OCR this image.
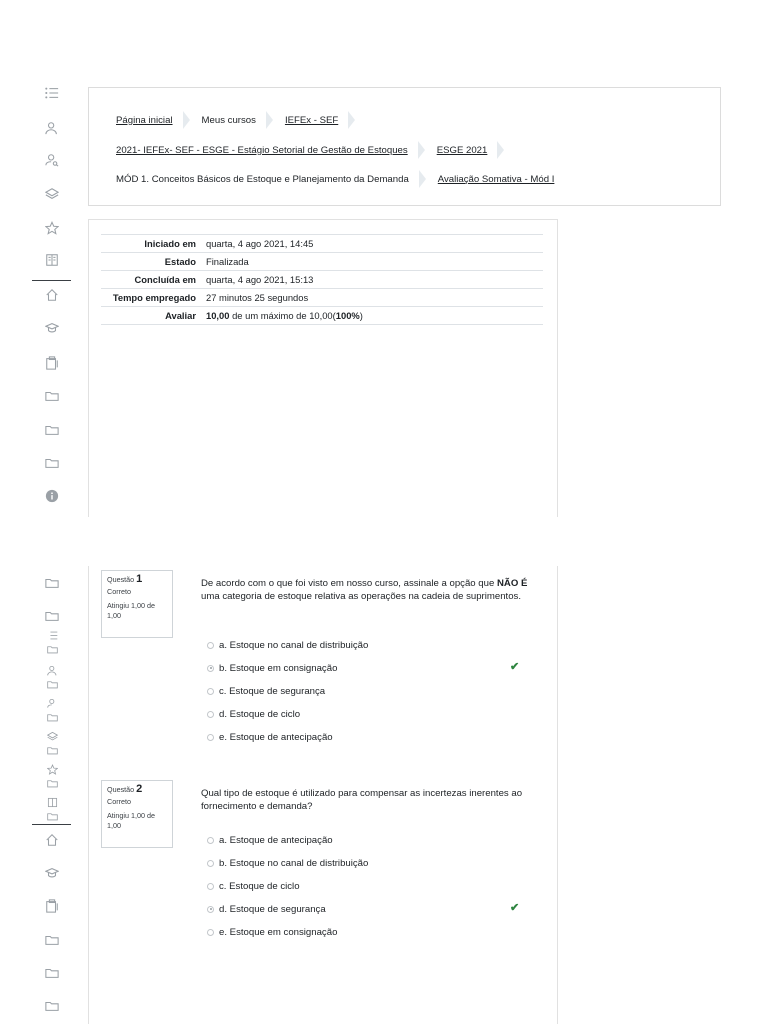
Página inicial	Meus cursos	IEFEx - SEF
2021- IEFEx- SEF - ESGE - Estágio Setorial de Gestão de Estoques	ESGE 2021
MÓD 1. Conceitos Básicos de Estoque e Planejamento da Demanda	Avaliação Somativa - Mód I
Iniciado em	quarta, 4 ago 2021, 14:45
Estado	Finalizada
Concluída em	quarta, 4 ago 2021, 15:13
Tempo empregado	27 minutos 25 segundos
Avaliar	10,00 de um máximo de 10,00(100%)
Questão 1
Correto
Atingiu 1,00 de 1,00
De acordo com o que foi visto em nosso curso, assinale a opção que NÃO É uma categoria de estoque relativa as operações na cadeia de suprimentos.
a. Estoque no canal de distribuição
b. Estoque em consignação	✔
c. Estoque de segurança
d. Estoque de ciclo
e. Estoque de antecipação
Questão 2
Correto
Atingiu 1,00 de 1,00
Qual tipo de estoque é utilizado para compensar as incertezas inerentes ao fornecimento e demanda?
a. Estoque de antecipação
b. Estoque no canal de distribuição
c. Estoque de ciclo
d. Estoque de segurança	✔
e. Estoque em consignação
